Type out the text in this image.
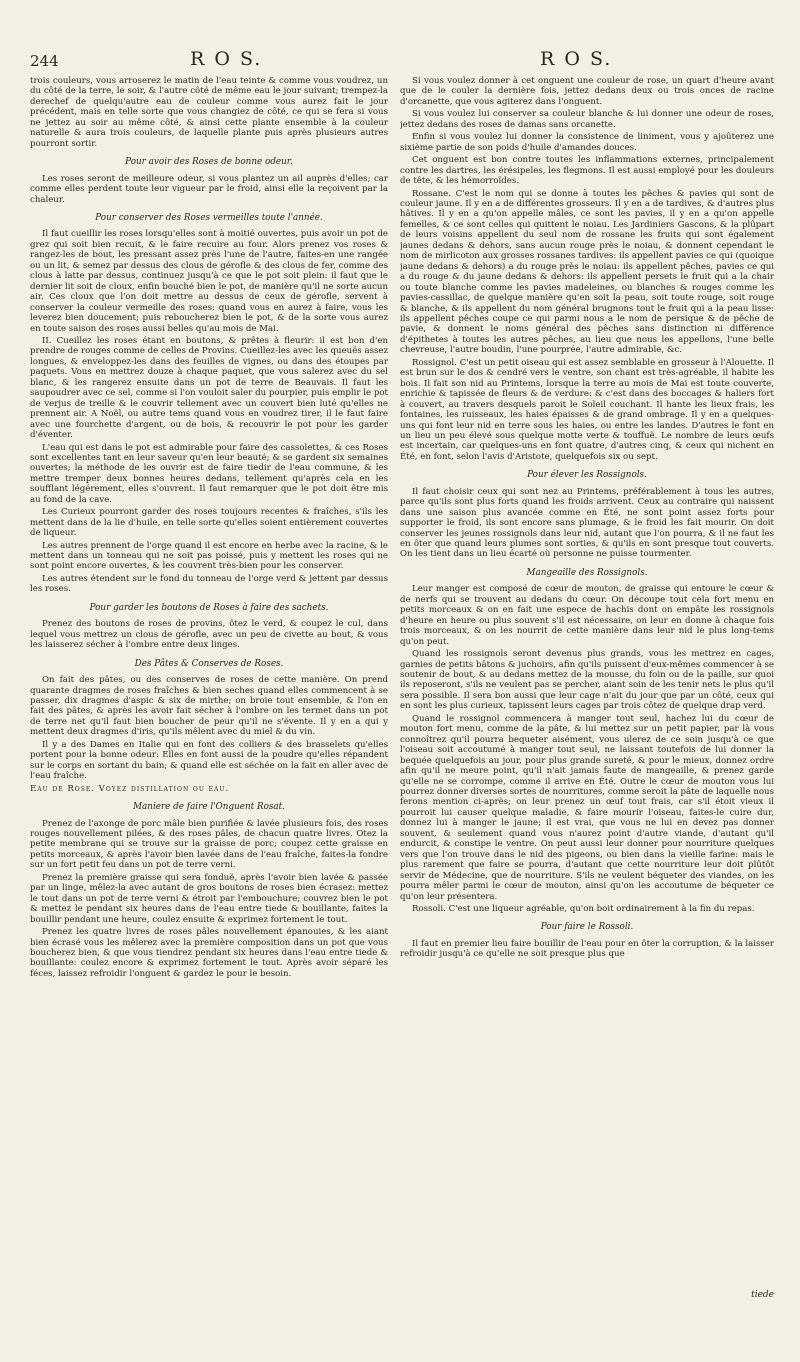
244	R O S.	R O S.

trois couleurs, vous arroserez le matin de l'eau teinte & comme vous voudrez, un du côté de la terre, le soir, & l'autre côté de même eau le jour suivant; trempez-la derechef de quelqu'autre eau de couleur comme vous aurez fait le jour précédent, mais en telle sorte que vous changiez de côté, ce qui se fera si vous ne jettez au soir au même côté, & ainsi cette plante ensemble à la couleur naturelle & aura trois couleurs, de laquelle plante puis après plusieurs autres pourront sortir.

Pour avoir des Roses de bonne odeur.

Les roses seront de meilleure odeur, si vous plantez un ail auprès d'elles; car comme elles perdent toute leur vigueur par le froid, ainsi elle la reçoivent par la chaleur.

Pour conserver des Roses vermeilles toute l'année.

Il faut cueillir les roses lorsqu'elles sont à moitié ouvertes, puis avoir un pot de grez qui soit bien recuit, & le faire recuire au four. Alors prenez vos roses & rangez-les de bout, les pressant assez près l'une de l'autre, faites-en une rangée ou un lit, & semez par dessus des clous de gérofle & des clous de fer, comme des clous à latte par dessus, continuez jusqu'à ce que le pot soit plein: il faut que le dernier lit soit de cloux, enfin bouché bien le pot, de manière qu'il ne sorte aucun air. Ces cloux que l'on doit mettre au dessus de ceux de gérofle, servent à conserver la couleur vermeille des roses: quand vous en aurez à faire, vous les leverez bien doucement; puis reboucherez bien le pot, & de la sorte vous aurez en toute saison des roses aussi belles qu'au mois de Mai.

II. Cueillez les roses étant en boutons, & prêtes à fleurir: il est bon d'en prendre de rouges comme de celles de Provins. Cueillez-les avec les queuës assez longues, & enveloppez-les dans des feuilles de vignes, ou dans des étoupes par paquets. Vous en mettrez douze à chaque paquet, que vous salerez avec du sel blanc, & les rangerez ensuite dans un pot de terre de Beauvais. Il faut les saupoudrer avec ce sel, comme si l'on vouloit saler du pourpier, puis emplir le pot de verjus de treille & le couvrir tellement avec un couvert bien luté qu'elles ne prennent air. A Noël, ou autre tems quand vous en voudrez tirer, il le faut faire avec une fourchette d'argent, ou de bois, & recouvrir le pot pour les garder d'éventer.

L'eau qui est dans le pot est admirable pour faire des cassolettes, & ces Roses sont excellentes tant en leur saveur qu'en leur beauté; & se gardent six semaines ouvertes; la méthode de les ouvrir est de faire tiedir de l'eau commune, & les mettre tremper deux bonnes heures dedans, tellement qu'après cela en les soufflant légérement, elles s'ouvrent. Il faut remarquer que le pot doit être mis au fond de la cave.

Les Curieux pourront garder des roses toujours recentes & fraîches, s'ils les mettent dans de la lie d'huile, en telle sorte qu'elles soient entièrement couvertes de liqueur.

Les autres prennent de l'orge quand il est encore en herbe avec la racine, & le mettent dans un tonneau qui ne soit pas poissé, puis y mettent les roses qui ne sont point encore ouvertes, & les couvrent très-bien pour les conserver.

Les autres étendent sur le fond du tonneau de l'orge verd & jettent par dessus les roses.

Pour garder les boutons de Roses à faire des sachets.

Prenez des boutons de roses de provins, ôtez le verd, & coupez le cul, dans lequel vous mettrez un clous de gérofle, avec un peu de civette au bout, & vous les laisserez sécher à l'ombre entre deux linges.

Des Pâtes & Conserves de Roses.

On fait des pâtes, ou des conserves de roses de cette manière. On prend quarante dragmes de roses fraîches & bien seches quand elles commencent à se passer, dix dragmes d'aspic & six de mirthe; on broie tout ensemble, & l'on en fait des pâtes, & après les avoir fait sécher à l'ombre on les termet dans un pot de terre net qu'il faut bien boucher de peur qu'il ne s'évente. Il y en a qui y mettent deux dragmes d'iris, qu'ils mêlent avec du miel & du vin.

Il y a des Dames en Italie qui en font des colliers & des brasselets qu'elles portent pour la bonne odeur: Elles en font aussi de la poudre qu'elles répandent sur le corps en sortant du bain; & quand elle est séchée on la fait en aller avec de l'eau fraîche.

Eau de Rose. Voyez distillation ou eau.

Maniere de faire l'Onguent Rosat.

Prenez de l'axonge de porc mâle bien purifiée & lavée plusieurs fois, des roses rouges nouvellement pilées, & des roses pâles, de chacun quatre livres. Otez la petite membrane qui se trouve sur la graisse de porc; coupez cette graisse en petits morceaux, & après l'avoir bien lavée dans de l'eau fraîche, faites-la fondre sur un fort petit feu dans un pot de terre verni.

Prenez la première graisse qui sera fonduë, après l'avoir bien lavée & passée par un linge, mêlez-la avec autant de gros boutons de roses bien écrasez: mettez le tout dans un pot de terre verni & étroit par l'embouchure; couvrez bien le pot & mettez le pendant six heures dans de l'eau entre tiede & bouillante, faites la bouillir pendant une heure, coulez ensuite & exprimez fortement le tout.

Prenez les quatre livres de roses pâles nouvellement épanouies, & les aiant bien écrasé vous les mêlerez avec la première composition dans un pot que vous boucherez bien, & que vous tiendrez pendant six heures dans l'eau entre tiede & bouillante: coulez encore & exprimez fortement le tout. Après avoir séparé les féces, laissez refroidir l'onguent & gardez le pour le besoin.

Si vous voulez donner à cet onguent une couleur de rose, un quart d'heure avant que de le couler la dernière fois, jettez dedans deux ou trois onces de racine d'orcanette, que vous agiterez dans l'onguent.

Si vous voulez lui conserver sa couleur blanche & lui donner une odeur de roses, jettez dedans des roses de damas sans orcanette.

Enfin si vous voulez lui donner la consistence de liniment, vous y ajoûterez une sixième partie de son poids d'huile d'amandes douces.

Cet onguent est bon contre toutes les inflammations externes, principalement contre les dartres, les érésipeles, les flegmons. Il est aussi employé pour les douleurs de tête, & les hémorroïdes.

Rossane. C'est le nom qui se donne à toutes les pêches & pavies qui sont de couleur jaune. Il y en a de différentes grosseurs. Il y en a de tardives, & d'autres plus hâtives. Il y en a qu'on appelle mâles, ce sont les pavies, il y en a qu'on appelle femelles, & ce sont celles qui quittent le noiau. Les Jardiniers Gascons, & la plûpart de leurs voisins appellent du seul nom de rossane les fruits qui sont également jaunes dedans & dehors, sans aucun rouge près le noiau, & donnent cependant le nom de mirlicoton aux grosses rossanes tardives: ils appellent pavies ce qui (quoique jaune dedans & dehors) a du rouge près le noiau: ils appellent pêches, pavies ce qui a du rouge & du jaune dedans & dehors: ils appellent persets le fruit qui a la chair ou toute blanche comme les pavies madeleines, ou blanches & rouges comme les pavies-cassillac, de quelque manière qu'en soit la peau, soit toute rouge, soit rouge & blanche, & ils appellent du nom général brugnons tout le fruit qui a la peau lisse: ils appellent pêches coupe ce qui parmi nous a le nom de persique & de pêche de pavie, & donnent le noms général des pêches sans distinction ni différence d'épithetes à toutes les autres pêches, au lieu que nous les appellons, l'une belle chevreuse, l'autre boudin, l'une pourprée, l'autre admirable, &c.

Rossignol. C'est un petit oiseau qui est assez semblable en grosseur à l'Alouette. Il est brun sur le dos & cendré vers le ventre, son chant est très-agréable, il habite les bois. Il fait son nid au Printems, lorsque la terre au mois de Mai est toute couverte, enrichie & tapissée de fleurs & de verdure: & c'est dans des boccages & haliers fort à couvert, au travers desquels paroit le Soleil couchant. Il hante les lieux frais, les fontaines, les ruisseaux, les haies épaisses & de grand ombrage. Il y en a quelques-uns qui font leur nid en terre sous les haies, ou entre les landes. D'autres le font en un lieu un peu élevé sous quelque motte verte & touffuë. Le nombre de leurs œufs est incertain, car quelques-uns en font quatre, d'autres cinq, & ceux qui nichent en Été, en font, selon l'avis d'Aristote, quelquefois six ou sept.

Pour élever les Rossignols.

Il faut choisir ceux qui sont nez au Printems, préférablement à tous les autres, parce qu'ils sont plus forts quand les froids arrivent. Ceux au contraire qui naissent dans une saison plus avancée comme en Été, ne sont point assez forts pour supporter le froid, ils sont encore sans plumage, & le froid les fait mourir. On doit conserver les jeunes rossignols dans leur nid, autant que l'on pourra, & il ne faut les en ôter que quand leurs plumes sont sorties, & qu'ils en sont presque tout couverts. On les tient dans un lieu écarté où personne ne puisse tourmenter.

Mangeaille des Rossignols.

Leur manger est composé de cœur de mouton, de graisse qui entoure le cœur & de nerfs qui se trouvent au dedans du cœur. On découpe tout cela fort menu en petits morceaux & on en fait une espece de hachis dont on empâte les rossignols d'heure en heure ou plus souvent s'il est nécessaire, on leur en donne à chaque fois trois morceaux, & on les nourrit de cette manière dans leur nid le plus long-tems qu'on peut.

Quand les rossignols seront devenus plus grands, vous les mettrez en cages, garnies de petits bâtons & juchoirs, afin qu'ils puissent d'eux-mêmes commencer à se soutenir de bout, & au dedans mettez de la mousse, du foin ou de la paille, sur quoi ils reposeront, s'ils ne veulent pas se percher, aiant soin de les tenir nets le plus qu'il sera possible. Il sera bon aussi que leur cage n'ait du jour que par un côté, ceux qui en sont les plus curieux, tapissent leurs cages par trois côtez de quelque drap verd.

Quand le rossignol commencera à manger tout seul, hachez lui du cœur de mouton fort menu, comme de la pâte, & lui mettez sur un petit papier, par là vous connoîtrez qu'il pourra bequeter aisément, vous ulerez de ce soin jusqu'à ce que l'oiseau soit accoutumé à manger tout seul, ne laissant toutefois de lui donner la bequée quelquefois au jour, pour plus grande sureté, & pour le mieux, donnez ordre afin qu'il ne meure point, qu'il n'ait jamais faute de mangeaille, & prenez garde qu'elle ne se corrompe, comme il arrive en Été. Outre le cœur de mouton vous lui pourrez donner diverses sortes de nourritures, comme seroit la pâte de laquelle nous ferons mention ci-après; on leur prenez un œuf tout frais, car s'il étoit vieux il pourroit lui causer quelque maladie, & faire mourir l'oiseau, faites-le cuire dur, donnez lui à manger le jaune; il est vrai, que vous ne lui en devez pas donner souvent, & seulement quand vous n'aurez point d'autre viande, d'autant qu'il endurcit, & constipe le ventre. On peut aussi leur donner pour nourriture quelques vers que l'on trouve dans le nid des pigeons, ou bien dans la vieille farine: mais le plus rarement que faire se pourra, d'autant que cette nourriture leur doit plûtôt servir de Médecine, que de nourriture. S'ils ne veulent béqueter des viandes, on les pourra mêler parmi le cœur de mouton, ainsi qu'on les accoutume de béqueter ce qu'on leur présentera.

Rossoli. C'est une liqueur agréable, qu'on boit ordinairement à la fin du repas.

Pour faire le Rossoli.

Il faut en premier lieu faire bouillir de l'eau pour en ôter la corruption, & la laisser refroidir jusqu'à ce qu'elle ne soit presque plus que

tiede
